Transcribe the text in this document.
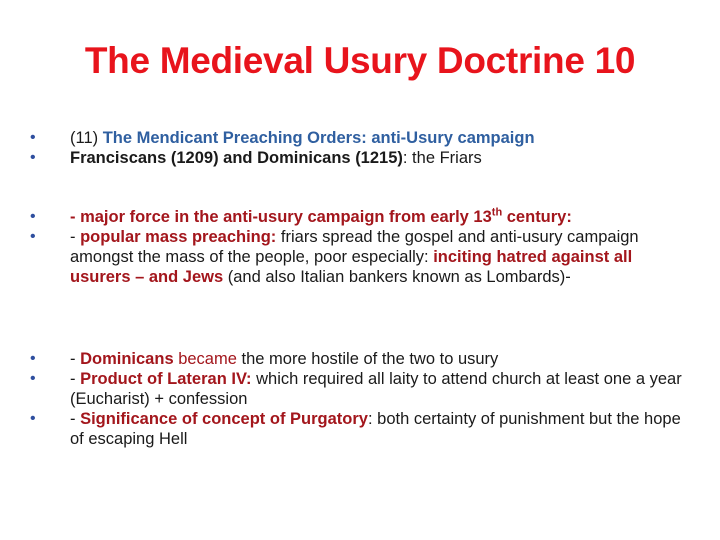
The Medieval Usury Doctrine 10
•	(11) The Mendicant Preaching Orders: anti-Usury campaign
•	Franciscans (1209) and Dominicans (1215): the Friars
•	- major force in the anti-usury campaign from early 13th century:
•	- popular mass preaching: friars spread the gospel and anti-usury campaign amongst the mass of the people, poor especially: inciting hatred against all usurers – and Jews (and also Italian bankers known as Lombards)-
•	- Dominicans became the more hostile of the two to usury
•	- Product of Lateran IV: which required all laity to attend church at least one a year (Eucharist) + confession
•	- Significance of concept of Purgatory: both certainty of punishment but the hope of escaping Hell
